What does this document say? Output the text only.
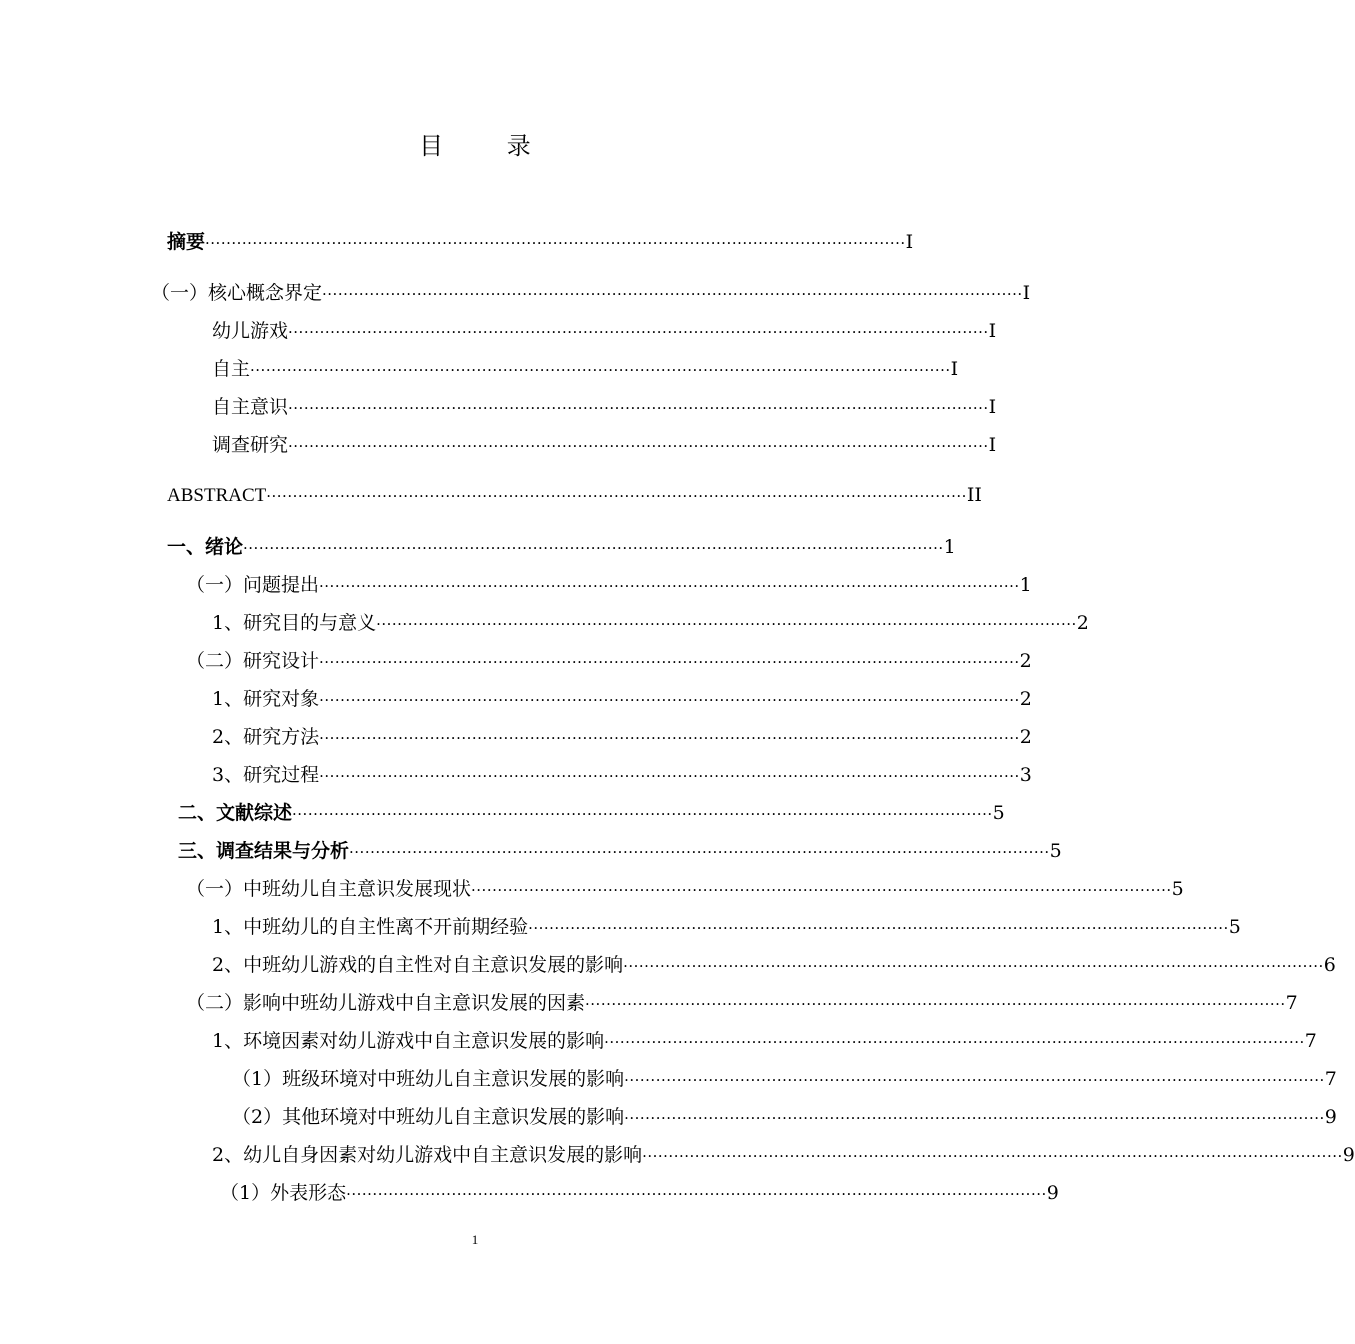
目 录
摘要 ····································································································································· I
（一）核心概念界定 ····································································································································· I
幼儿游戏 ····································································································································· I
自主 ····································································································································· I
自主意识 ····································································································································· I
调查研究 ····································································································································· I
ABSTRACT ····································································································································· II
一、绪论 ····································································································································· 1
（一）问题提出 ····································································································································· 1
1、研究目的与意义 ····································································································································· 2
（二）研究设计 ····································································································································· 2
1、研究对象 ····································································································································· 2
2、研究方法 ····································································································································· 2
3、研究过程 ····································································································································· 3
二、文献综述 ····································································································································· 5
三、调查结果与分析 ····································································································································· 5
（一）中班幼儿自主意识发展现状 ····································································································································· 5
1、中班幼儿的自主性离不开前期经验 ····································································································································· 5
2、中班幼儿游戏的自主性对自主意识发展的影响 ····································································································································· 6
（二）影响中班幼儿游戏中自主意识发展的因素 ····································································································································· 7
1、环境因素对幼儿游戏中自主意识发展的影响 ····································································································································· 7
（1）班级环境对中班幼儿自主意识发展的影响 ····································································································································· 7
（2）其他环境对中班幼儿自主意识发展的影响 ····································································································································· 9
2、幼儿自身因素对幼儿游戏中自主意识发展的影响 ····································································································································· 9
（1）外表形态 ····································································································································· 9
1
